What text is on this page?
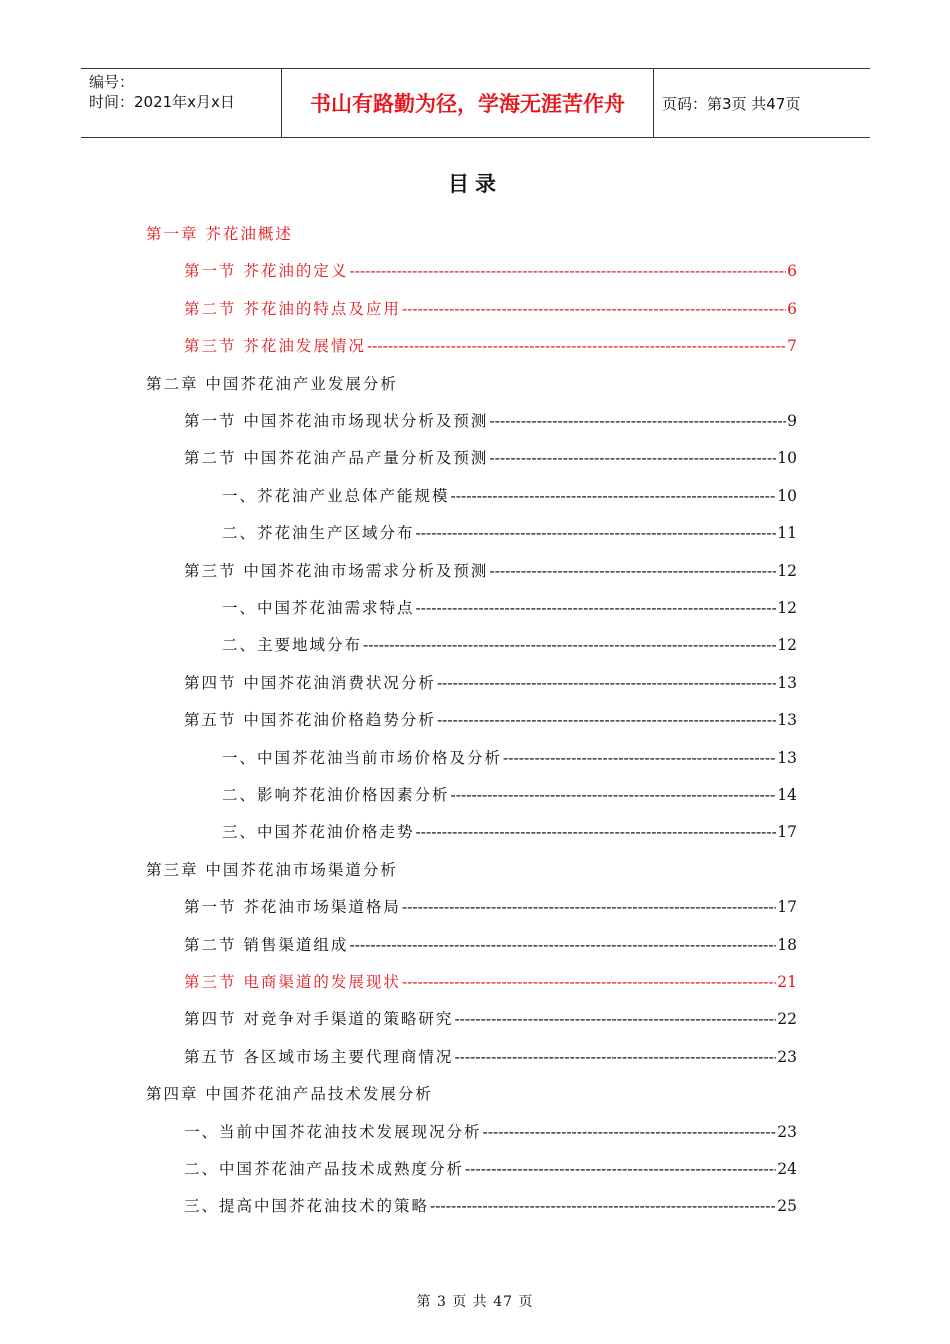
编号：
时间：2021年x月x日	书山有路勤为径，学海无涯苦作舟	页码：第3页 共47页
目录
第一章 芥花油概述
第一节 芥花油的定义 -----	6
第二节 芥花油的特点及应用 -----	6
第三节 芥花油发展情况 -----	7
第二章 中国芥花油产业发展分析
第一节 中国芥花油市场现状分析及预测 -----	9
第二节 中国芥花油产品产量分析及预测 -----	10
一、芥花油产业总体产能规模 -----	10
二、芥花油生产区域分布 -----	11
第三节 中国芥花油市场需求分析及预测 -----	12
一、中国芥花油需求特点 -----	12
二、主要地域分布 -----	12
第四节 中国芥花油消费状况分析 -----	13
第五节 中国芥花油价格趋势分析 -----	13
一、中国芥花油当前市场价格及分析 -----	13
二、影响芥花油价格因素分析 -----	14
三、中国芥花油价格走势 -----	17
第三章 中国芥花油市场渠道分析
第一节 芥花油市场渠道格局 -----	17
第二节 销售渠道组成 -----	18
第三节 电商渠道的发展现状 -----	21
第四节 对竞争对手渠道的策略研究 -----	22
第五节 各区域市场主要代理商情况 -----	23
第四章 中国芥花油产品技术发展分析
一、当前中国芥花油技术发展现况分析 -----	23
二、中国芥花油产品技术成熟度分析 -----	24
三、提高中国芥花油技术的策略 -----	25
第 3 页 共 47 页
